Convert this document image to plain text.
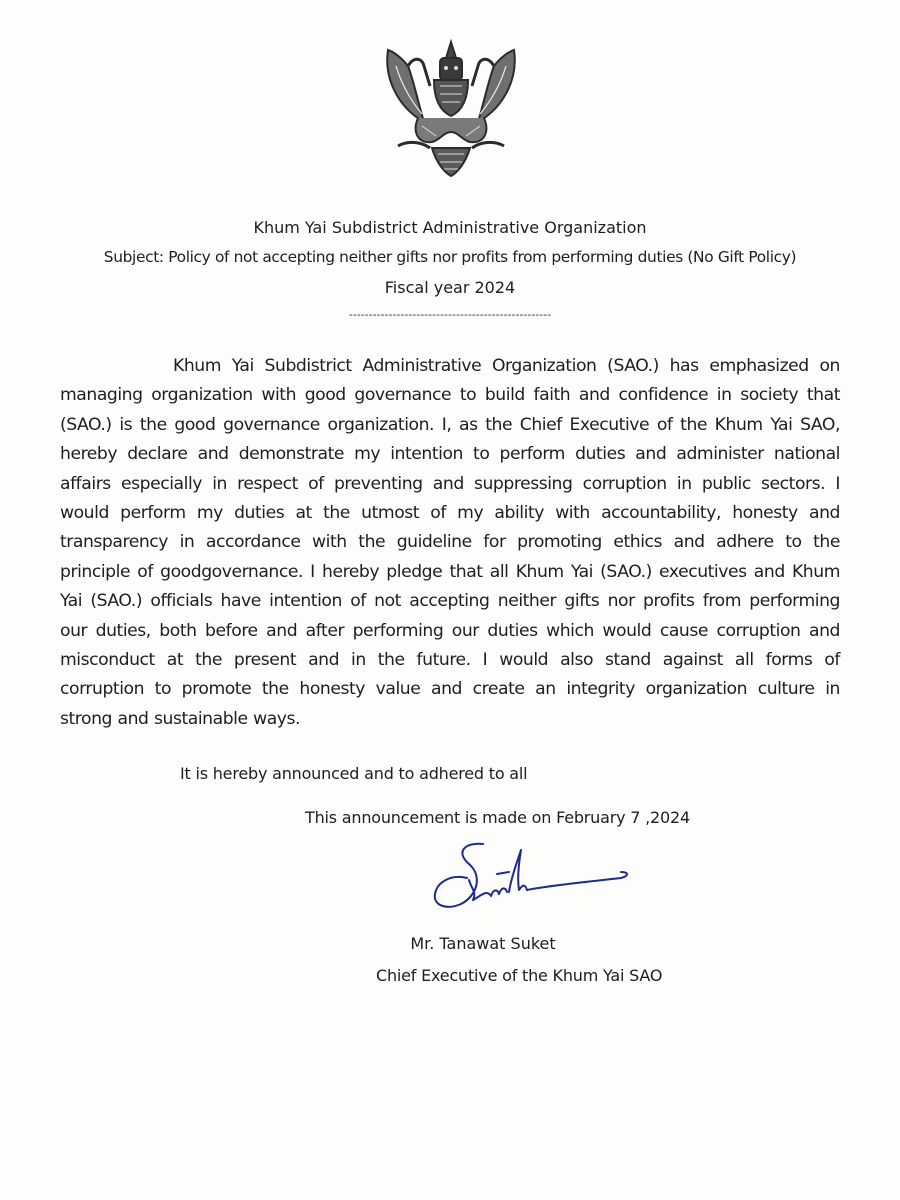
Khum Yai Subdistrict Administrative Organization
Subject: Policy of not accepting neither gifts nor profits from performing duties (No Gift Policy)
Fiscal year 2024
---------------------------------------------------
Khum Yai Subdistrict Administrative Organization (SAO.) has emphasized on
managing organization with good governance to build faith and confidence in society that
(SAO.) is the good governance organization. I, as the Chief Executive of the Khum Yai SAO,
hereby declare and demonstrate my intention to perform duties and administer national
affairs especially in respect of preventing and suppressing corruption in public sectors. I
would perform my duties at the utmost of my ability with accountability, honesty and
transparency in accordance with the guideline for promoting ethics and adhere to the
principle of goodgovernance. I hereby pledge that all Khum Yai (SAO.) executives and Khum
Yai (SAO.) officials have intention of not accepting neither gifts nor profits from performing
our duties, both before and after performing our duties which would cause corruption and
misconduct at the present and in the future. I would also stand against all forms of
corruption to promote the honesty value and create an integrity organization culture in
strong and sustainable ways.
It is hereby announced and to adhered to all
This announcement is made on February 7 ,2024
Mr. Tanawat Suket
Chief Executive of the Khum Yai SAO
